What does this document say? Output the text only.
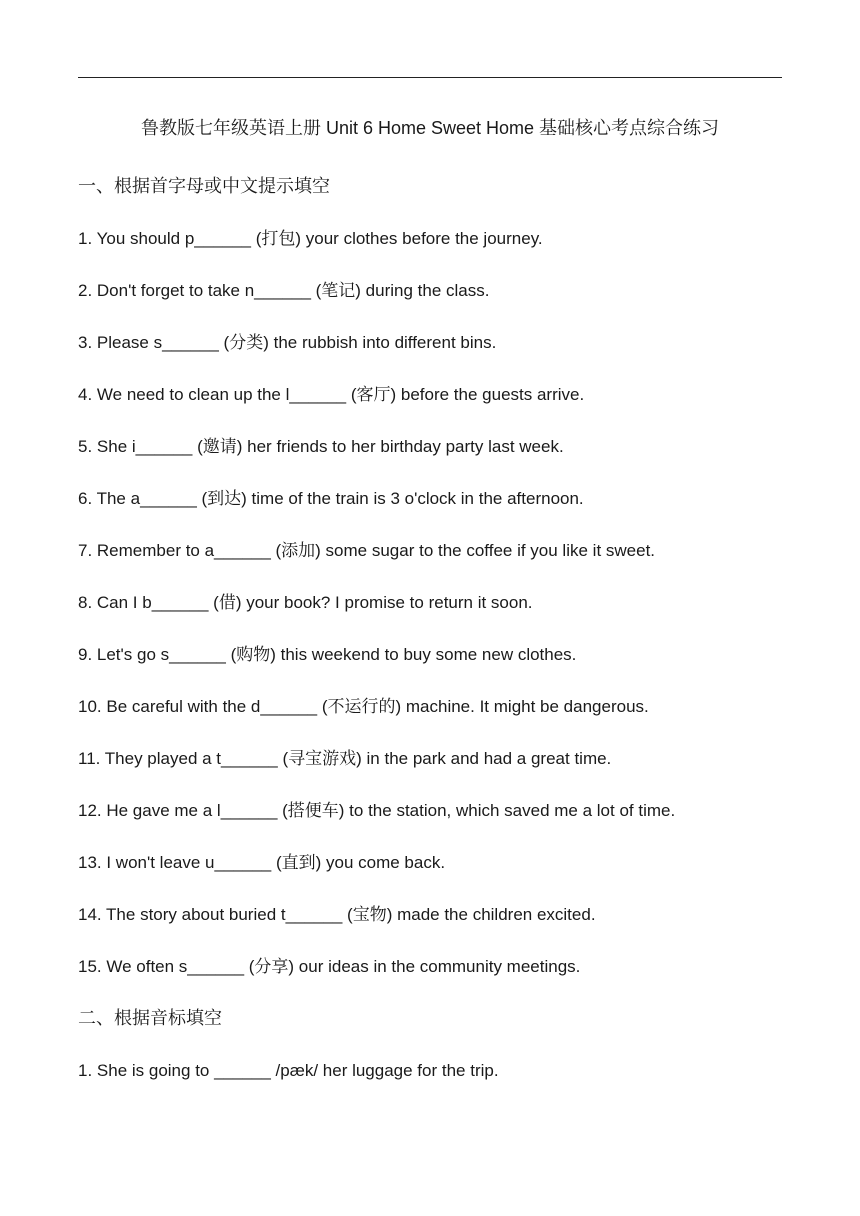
鲁教版七年级英语上册 Unit 6 Home Sweet Home 基础核心考点综合练习
一、根据首字母或中文提示填空
1. You should p______ (打包) your clothes before the journey.
2. Don't forget to take n______ (笔记) during the class.
3. Please s______ (分类) the rubbish into different bins.
4. We need to clean up the l______ (客厅) before the guests arrive.
5. She i______ (邀请) her friends to her birthday party last week.
6. The a______ (到达) time of the train is 3 o'clock in the afternoon.
7. Remember to a______ (添加) some sugar to the coffee if you like it sweet.
8. Can I b______ (借) your book? I promise to return it soon.
9. Let's go s______ (购物) this weekend to buy some new clothes.
10. Be careful with the d______ (不运行的) machine. It might be dangerous.
11. They played a t______ (寻宝游戏) in the park and had a great time.
12. He gave me a l______ (搭便车) to the station, which saved me a lot of time.
13. I won't leave u______ (直到) you come back.
14. The story about buried t______ (宝物) made the children excited.
15. We often s______ (分享) our ideas in the community meetings.
二、根据音标填空
1. She is going to ______ /pæk/ her luggage for the trip.
